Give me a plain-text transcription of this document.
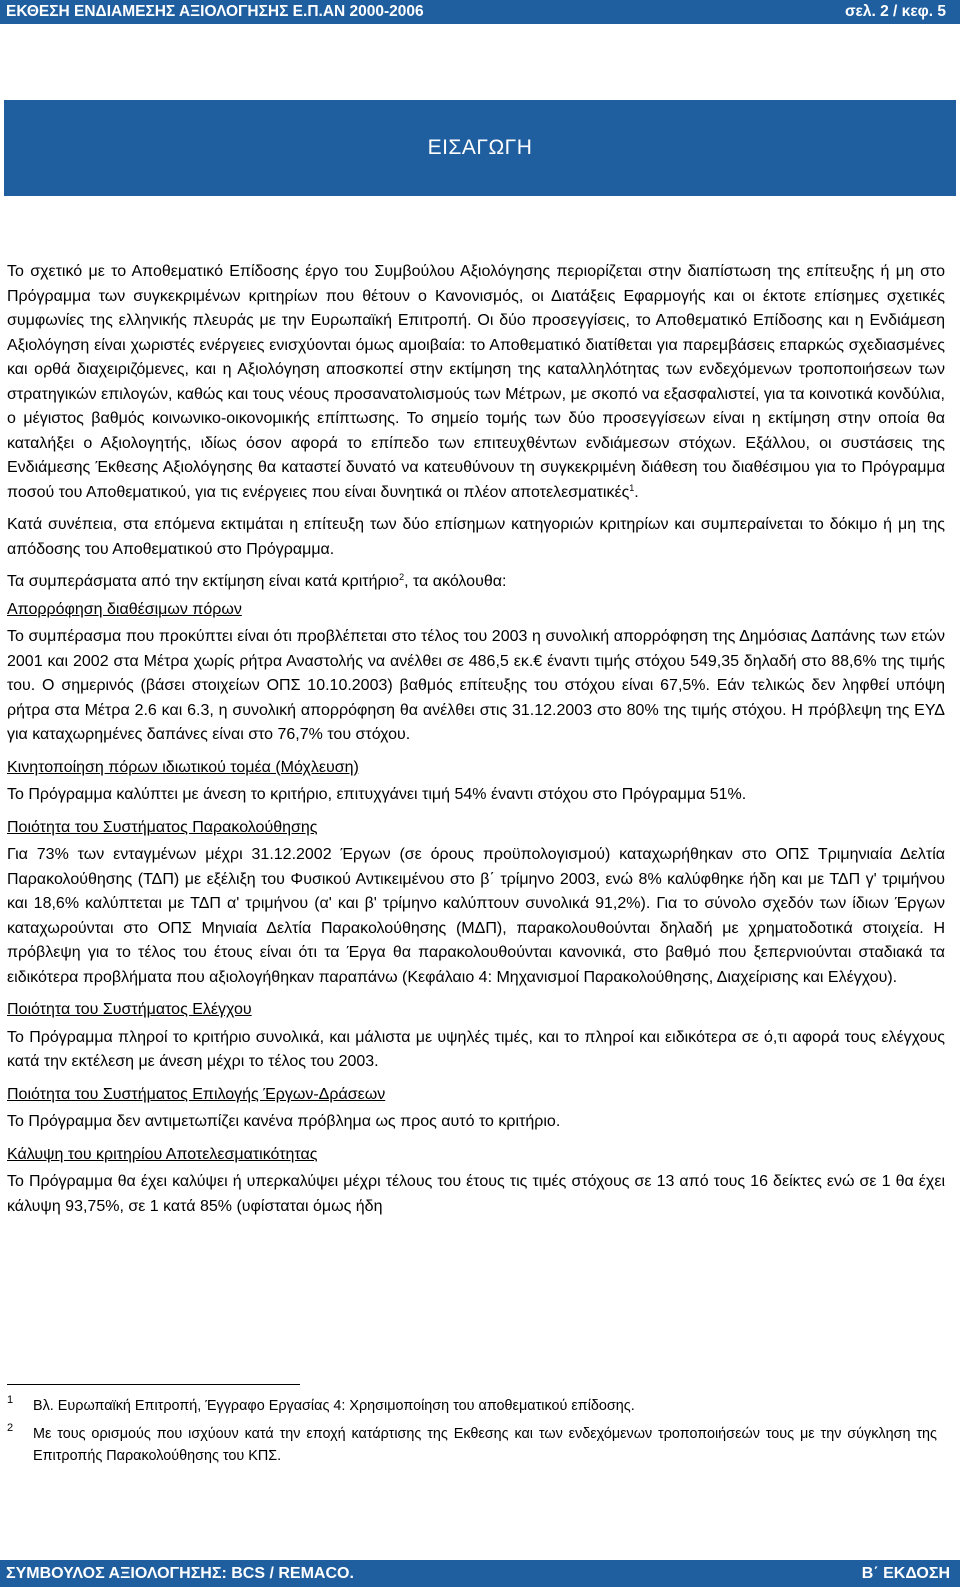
ΕΚΘΕΣΗ ΕΝΔΙΑΜΕΣΗΣ ΑΞΙΟΛΟΓΗΣΗΣ Ε.Π.ΑΝ 2000-2006	σελ. 2 / κεφ. 5
ΕΙΣΑΓΩΓΗ

Το σχετικό με το Αποθεματικό Επίδοσης έργο του Συμβούλου Αξιολόγησης περιορίζεται στην διαπίστωση της επίτευξης ή μη στο Πρόγραμμα των συγκεκριμένων κριτηρίων που θέτουν ο Κανονισμός, οι Διατάξεις Εφαρμογής και οι έκτοτε επίσημες σχετικές συμφωνίες της ελληνικής πλευράς με την Ευρωπαϊκή Επιτροπή. Οι δύο προσεγγίσεις, το Αποθεματικό Επίδοσης και η Ενδιάμεση Αξιολόγηση είναι χωριστές ενέργειες ενισχύονται όμως αμοιβαία: το Αποθεματικό διατίθεται για παρεμβάσεις επαρκώς σχεδιασμένες και ορθά διαχειριζόμενες, και η Αξιολόγηση αποσκοπεί στην εκτίμηση της καταλληλότητας των ενδεχόμενων τροποποιήσεων των στρατηγικών επιλογών, καθώς και τους νέους προσανατολισμούς των Μέτρων, με σκοπό να εξασφαλιστεί, για τα κοινοτικά κονδύλια, ο μέγιστος βαθμός κοινωνικο-οικονομικής επίπτωσης. Το σημείο τομής των δύο προσεγγίσεων είναι η εκτίμηση στην οποία θα καταλήξει ο Αξιολογητής, ιδίως όσον αφορά το επίπεδο των επιτευχθέντων ενδιάμεσων στόχων. Εξάλλου, οι συστάσεις της Ενδιάμεσης Έκθεσης Αξιολόγησης θα καταστεί δυνατό να κατευθύνουν τη συγκεκριμένη διάθεση του διαθέσιμου για το Πρόγραμμα ποσού του Αποθεματικού, για τις ενέργειες που είναι δυνητικά οι πλέον αποτελεσματικές$^1$.

Κατά συνέπεια, στα επόμενα εκτιμάται η επίτευξη των δύο επίσημων κατηγοριών κριτηρίων και συμπεραίνεται το δόκιμο ή μη της απόδοσης του Αποθεματικού στο Πρόγραμμα.

Τα συμπεράσματα από την εκτίμηση είναι κατά κριτήριο$^2$, τα ακόλουθα:

Απορρόφηση διαθέσιμων πόρων

Το συμπέρασμα που προκύπτει είναι ότι προβλέπεται στο τέλος του 2003 η συνολική απορρόφηση της Δημόσιας Δαπάνης των ετών 2001 και 2002 στα Μέτρα χωρίς ρήτρα Αναστολής να ανέλθει σε 486,5 εκ.€ έναντι τιμής στόχου 549,35 δηλαδή στο 88,6% της τιμής του. Ο σημερινός (βάσει στοιχείων ΟΠΣ 10.10.2003) βαθμός επίτευξης του στόχου είναι 67,5%. Εάν τελικώς δεν ληφθεί υπόψη ρήτρα στα Μέτρα 2.6 και 6.3, η συνολική απορρόφηση θα ανέλθει στις 31.12.2003 στο 80% της τιμής στόχου. Η πρόβλεψη της ΕΥΔ για καταχωρημένες δαπάνες είναι στο 76,7% του στόχου.

Κινητοποίηση πόρων ιδιωτικού τομέα (Μόχλευση)

Το Πρόγραμμα καλύπτει με άνεση το κριτήριο, επιτυχγάνει τιμή 54% έναντι στόχου στο Πρόγραμμα 51%.

Ποιότητα του Συστήματος Παρακολούθησης

Για 73% των ενταγμένων μέχρι 31.12.2002 Έργων (σε όρους προϋπολογισμού) καταχωρήθηκαν στο ΟΠΣ Τριμηνιαία Δελτία Παρακολούθησης (ΤΔΠ) με εξέλιξη του Φυσικού Αντικειμένου στο β΄ τρίμηνο 2003, ενώ 8% καλύφθηκε ήδη και με ΤΔΠ γ' τριμήνου και 18,6% καλύπτεται με ΤΔΠ α' τριμήνου (α' και β' τρίμηνο καλύπτουν συνολικά 91,2%). Για το σύνολο σχεδόν των ίδιων Έργων καταχωρούνται στο ΟΠΣ Μηνιαία Δελτία Παρακολούθησης (ΜΔΠ), παρακολουθούνται δηλαδή με χρηματοδοτικά στοιχεία. Η πρόβλεψη για το τέλος του έτους είναι ότι τα Έργα θα παρακολουθούνται κανονικά, στο βαθμό που ξεπερνιούνται σταδιακά τα ειδικότερα προβλήματα που αξιολογήθηκαν παραπάνω (Κεφάλαιο 4: Μηχανισμοί Παρακολούθησης, Διαχείρισης και Ελέγχου).

Ποιότητα του Συστήματος Ελέγχου

Το Πρόγραμμα πληροί το κριτήριο συνολικά, και μάλιστα με υψηλές τιμές, και το πληροί και ειδικότερα σε ό,τι αφορά τους ελέγχους κατά την εκτέλεση με άνεση μέχρι το τέλος του 2003.

Ποιότητα του Συστήματος Επιλογής Έργων-Δράσεων

Το Πρόγραμμα δεν αντιμετωπίζει κανένα πρόβλημα ως προς αυτό το κριτήριο.

Κάλυψη του κριτηρίου Αποτελεσματικότητας

Το Πρόγραμμα θα έχει καλύψει ή υπερκαλύψει μέχρι τέλους του έτους τις τιμές στόχους σε 13 από τους 16 δείκτες ενώ σε 1 θα έχει κάλυψη 93,75%, σε 1 κατά 85% (υφίσταται όμως ήδη

1 Βλ. Ευρωπαϊκή Επιτροπή, Έγγραφο Εργασίας 4: Χρησιμοποίηση του αποθεματικού επίδοσης.
2 Με τους ορισμούς που ισχύουν κατά την εποχή κατάρτισης της Εκθεσης και των ενδεχόμενων τροποποιήσεών τους με την σύγκληση της Επιτροπής Παρακολούθησης του ΚΠΣ.
ΣΥΜΒΟΥΛΟΣ ΑΞΙΟΛΟΓΗΣΗΣ: BCS / REMACO.	Β΄ ΕΚΔΟΣΗ
